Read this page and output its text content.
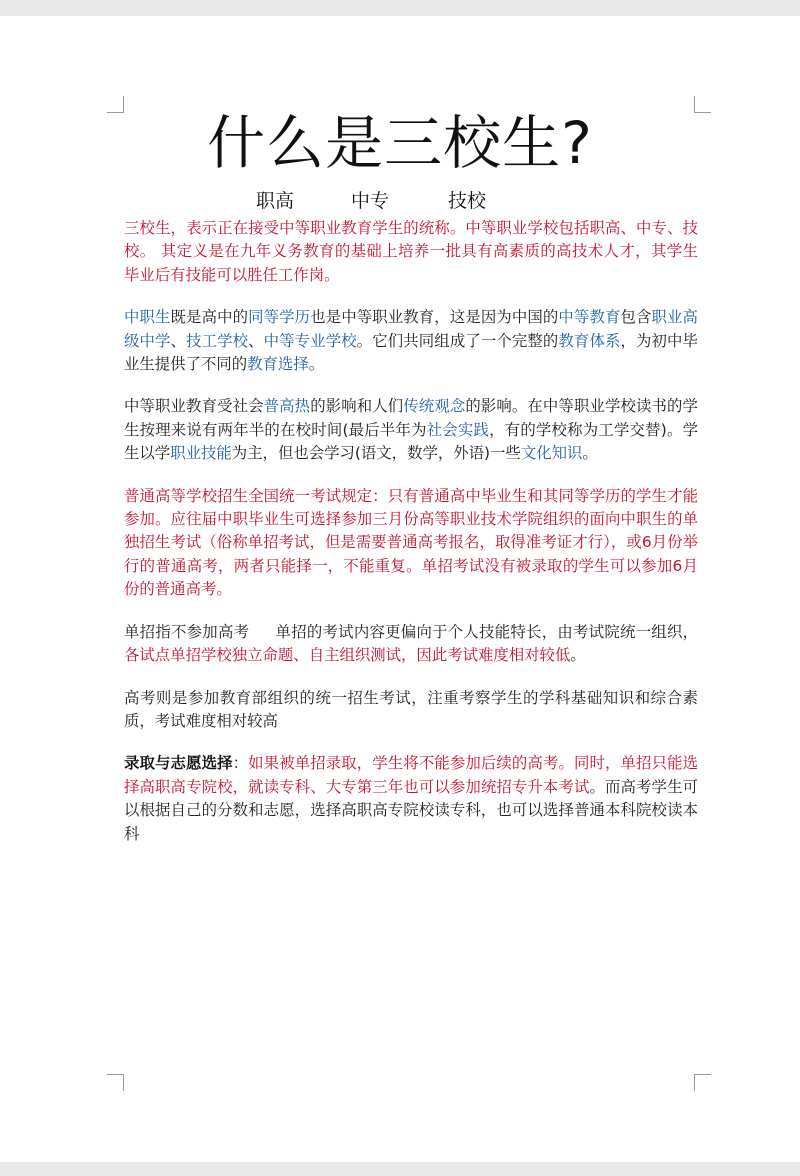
什么是三校生?
职高	中专	技校

三校生，表示正在接受中等职业教育学生的统称。中等职业学校包括职高、中专、技校。 其定义是在九年义务教育的基础上培养一批具有高素质的高技术人才，其学生毕业后有技能可以胜任工作岗。

中职生既是高中的同等学历也是中等职业教育，这是因为中国的中等教育包含职业高级中学、技工学校、中等专业学校。它们共同组成了一个完整的教育体系，为初中毕业生提供了不同的教育选择。

中等职业教育受社会普高热的影响和人们传统观念的影响。在中等职业学校读书的学生按理来说有两年半的在校时间(最后半年为社会实践，有的学校称为工学交替)。学生以学职业技能为主，但也会学习(语文，数学，外语)一些文化知识。

普通高等学校招生全国统一考试规定：只有普通高中毕业生和其同等学历的学生才能参加。应往届中职毕业生可选择参加三月份高等职业技术学院组织的面向中职生的单独招生考试（俗称单招考试，但是需要普通高考报名，取得准考证才行），或6月份举行的普通高考，两者只能择一，不能重复。单招考试没有被录取的学生可以参加6月份的普通高考。

单招指不参加高考 单招的考试内容更偏向于个人技能特长，由考试院统一组织，各试点单招学校独立命题、自主组织测试，因此考试难度相对较低。

高考则是参加教育部组织的统一招生考试，注重考察学生的学科基础知识和综合素质，考试难度相对较高

录取与志愿选择：如果被单招录取，学生将不能参加后续的高考。同时，单招只能选择高职高专院校，就读专科、大专第三年也可以参加统招专升本考试。而高考学生可以根据自己的分数和志愿，选择高职高专院校读专科，也可以选择普通本科院校读本科
